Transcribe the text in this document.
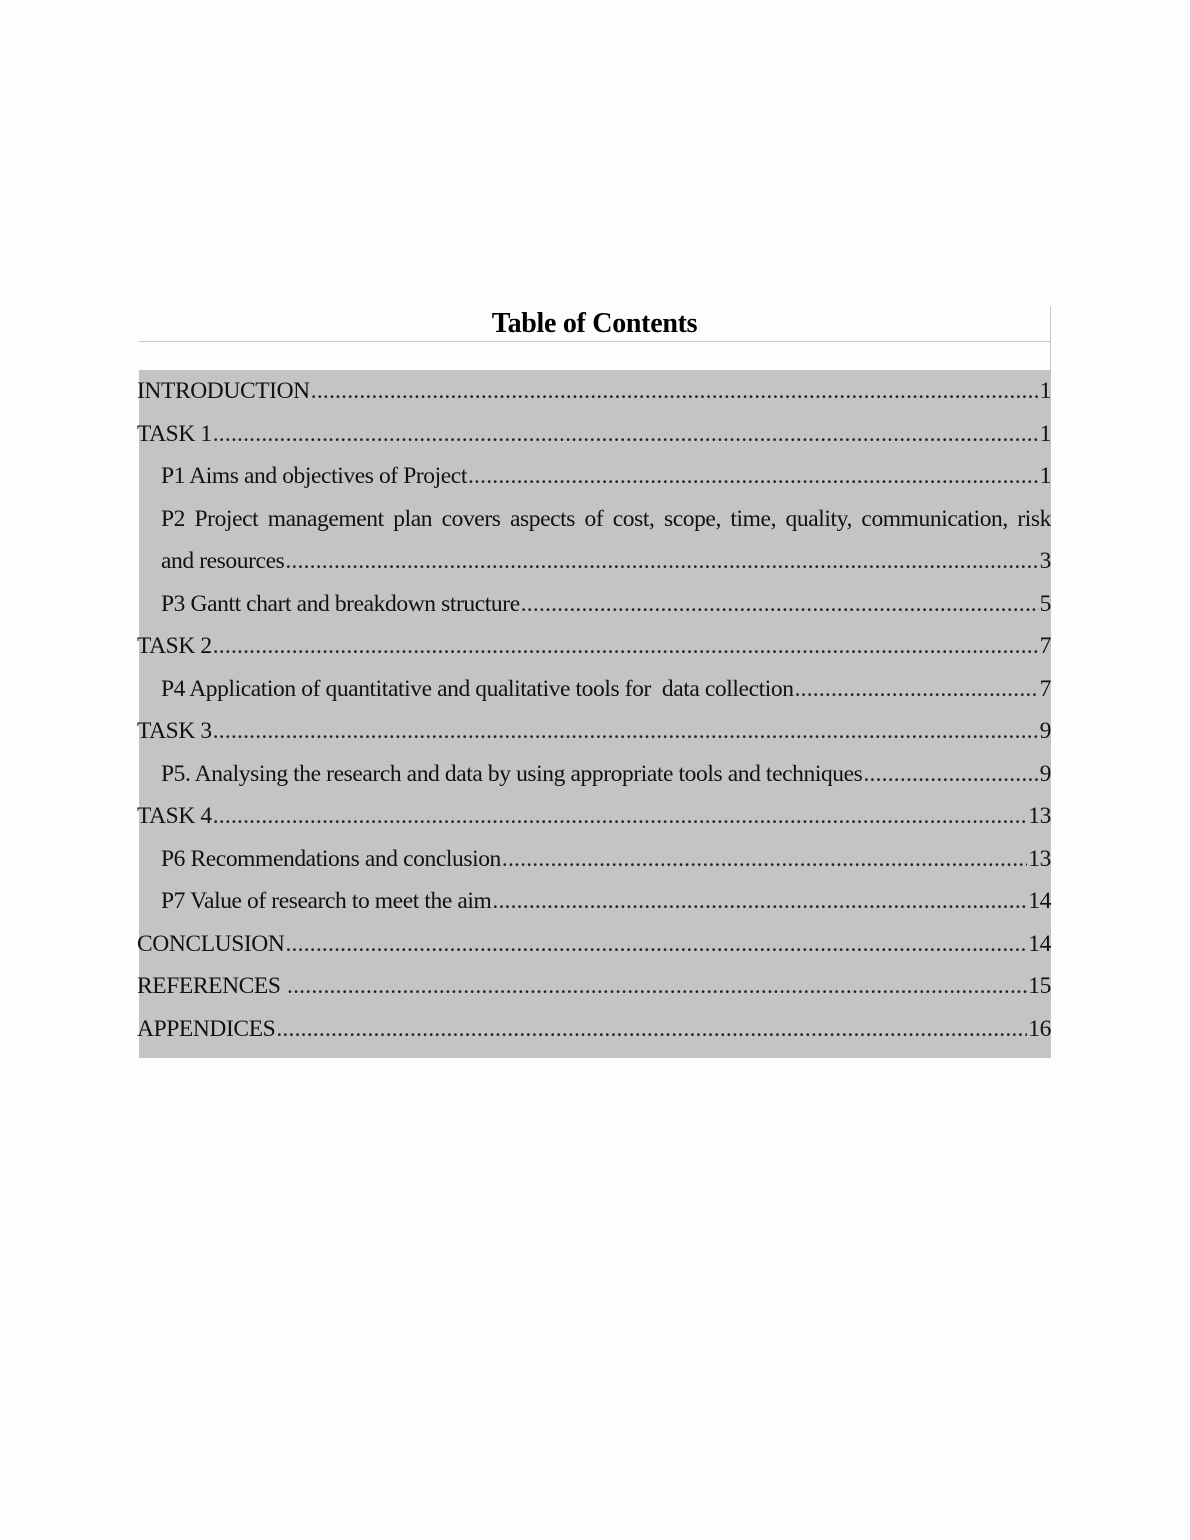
Table of Contents
INTRODUCTION .....	1
TASK 1 .....	1
P1 Aims and objectives of Project .....	1
P2 Project management plan covers aspects of cost, scope, time, quality, communication, risk
and resources .....	3
P3 Gantt chart and breakdown structure .....	5
TASK 2 .....	7
P4 Application of quantitative and qualitative tools for  data collection .....	7
TASK 3 .....	9
P5. Analysing the research and data by using appropriate tools and techniques .....	9
TASK 4 .....	13
P6 Recommendations and conclusion .....	13
P7 Value of research to meet the aim .....	14
CONCLUSION .....	14
REFERENCES .....	15
APPENDICES .....	16
